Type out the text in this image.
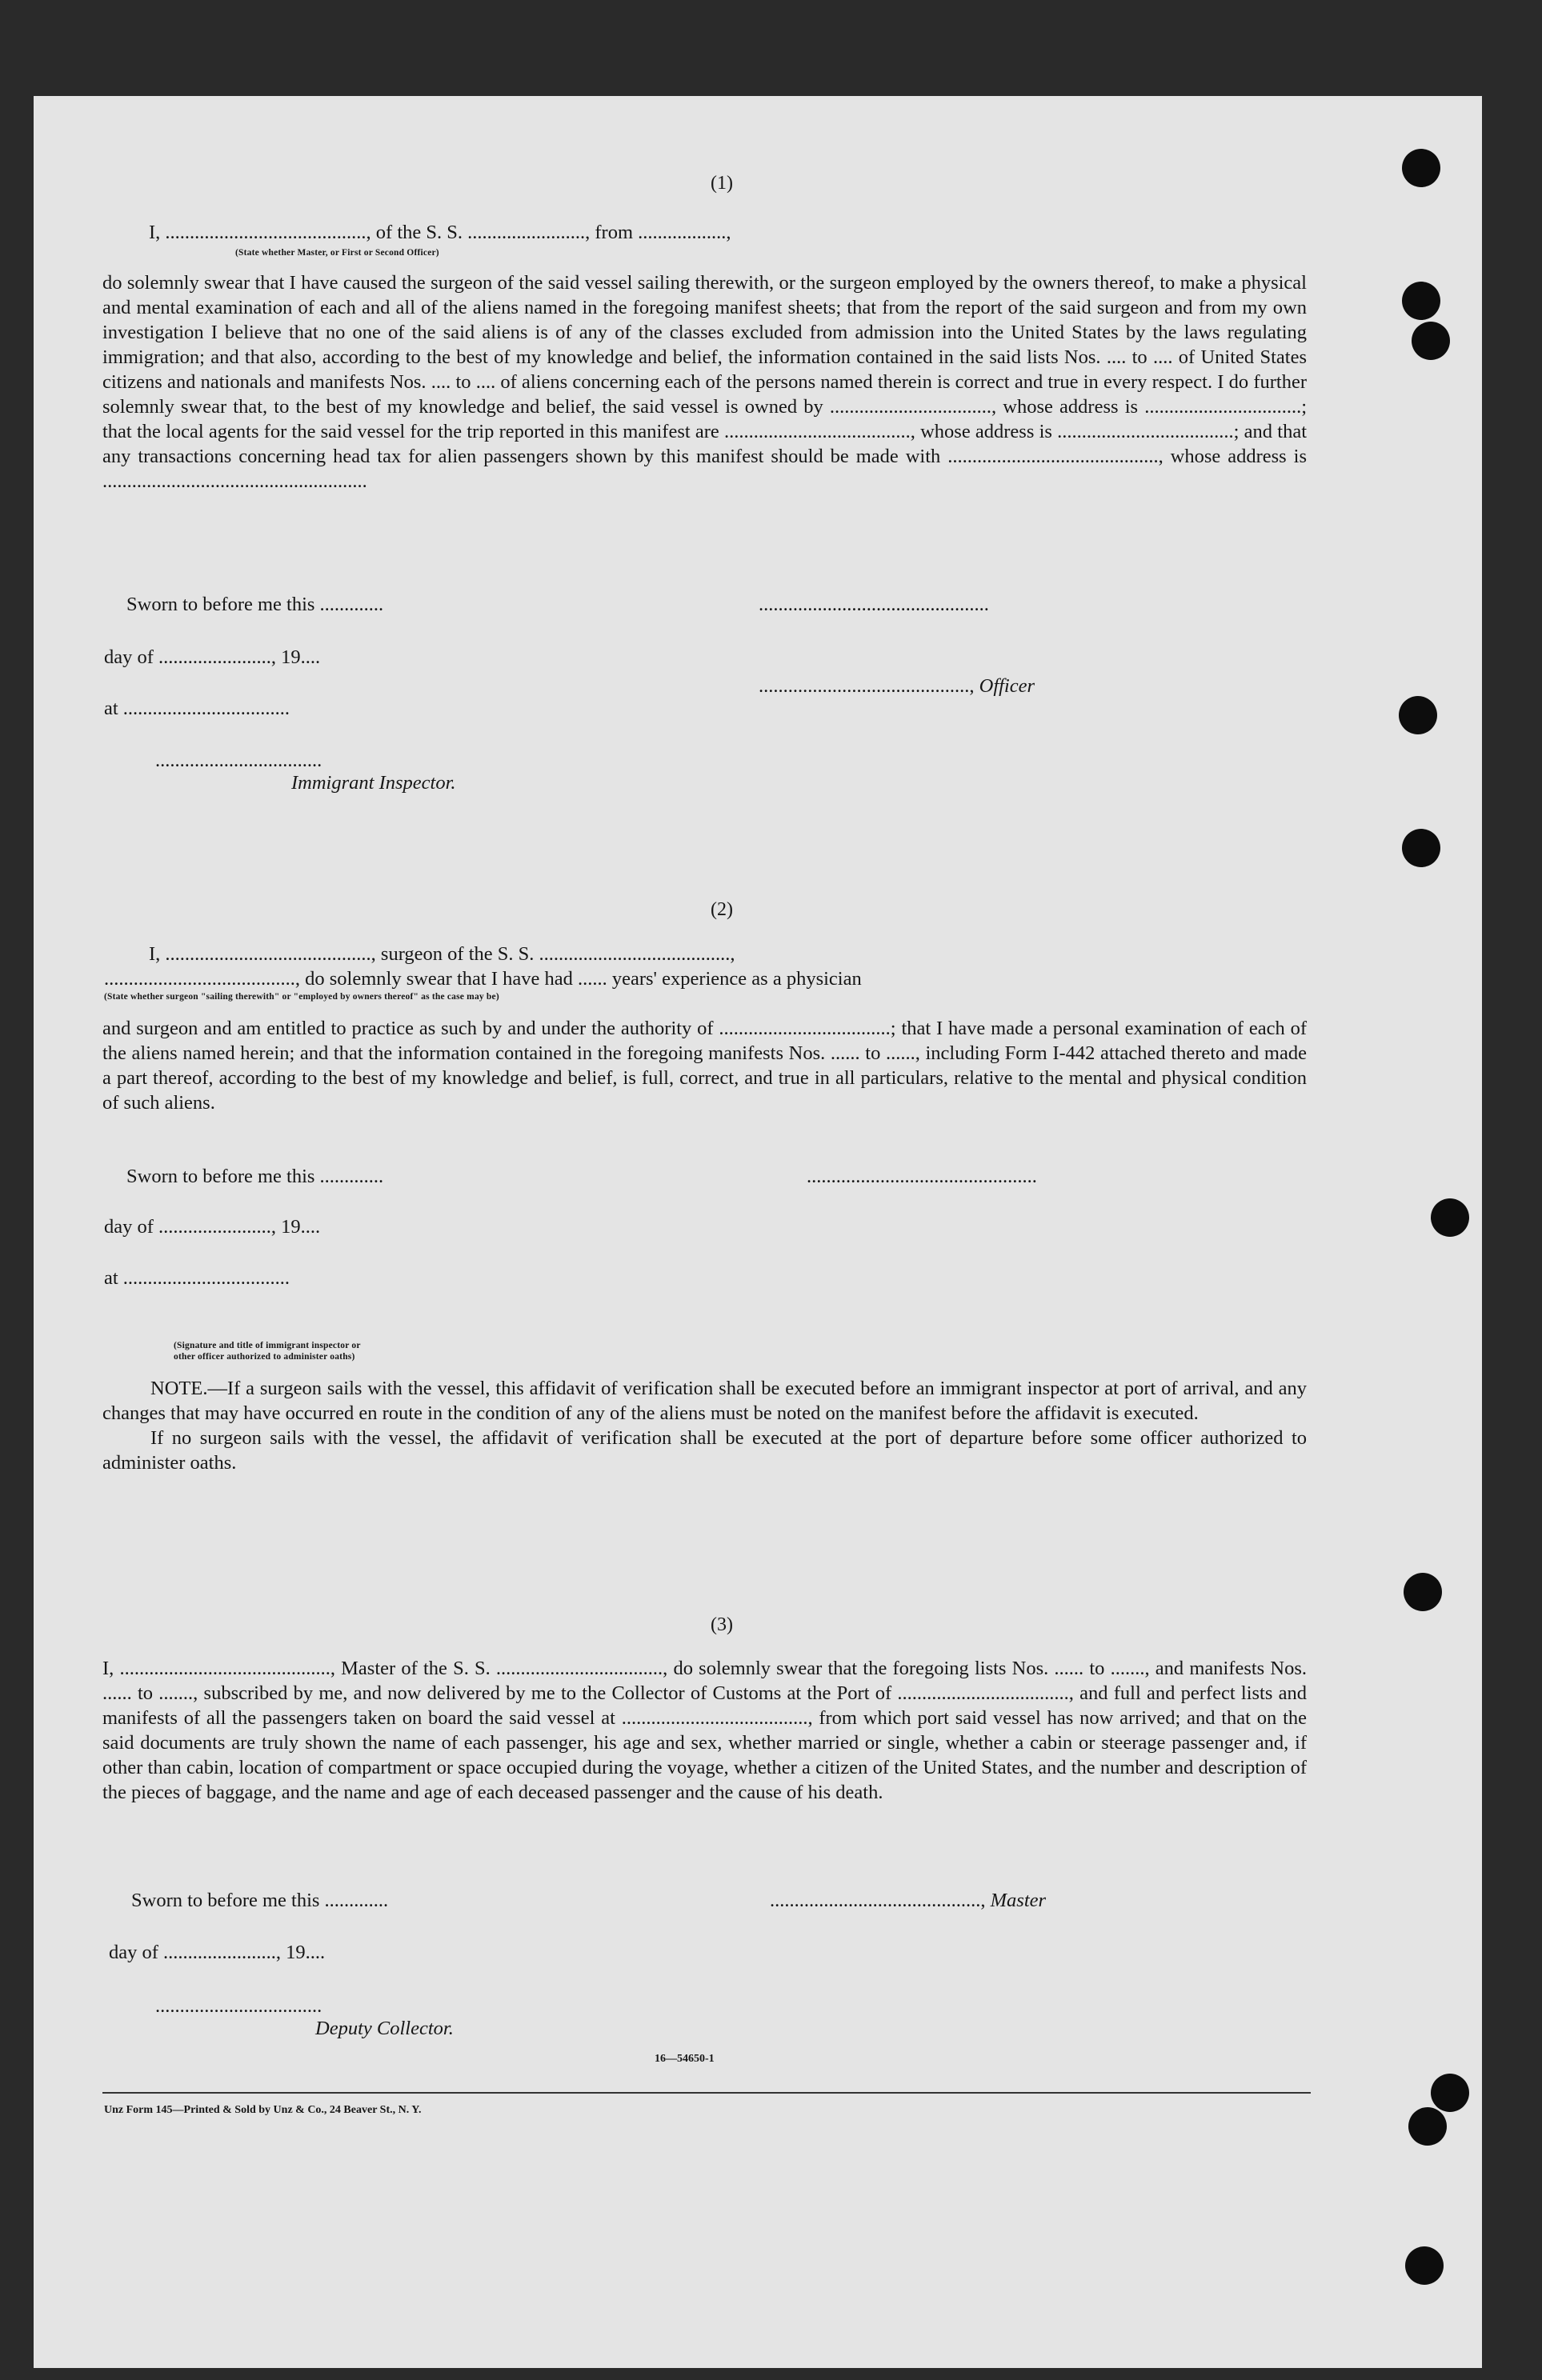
(1)
I, ........................................., of the S. S. ........................, from ..................,
(State whether Master, or First or Second Officer)
do solemnly swear that I have caused the surgeon of the said vessel sailing therewith, or the surgeon employed by the owners thereof, to make a physical and mental examination of each and all of the aliens named in the foregoing manifest sheets; that from the report of the said surgeon and from my own investigation I believe that no one of the said aliens is of any of the classes excluded from admission into the United States by the laws regulating immigration; and that also, according to the best of my knowledge and belief, the information contained in the said lists Nos. .... to .... of United States citizens and nationals and manifests Nos. .... to .... of aliens concerning each of the persons named therein is correct and true in every respect. I do further solemnly swear that, to the best of my knowledge and belief, the said vessel is owned by ................................., whose address is ................................; that the local agents for the said vessel for the trip reported in this manifest are ......................................, whose address is ....................................; and that any transactions concerning head tax for alien passengers shown by this manifest should be made with ..........................................., whose address is ......................................................
Sworn to before me this .............
day of ......................., 19....
at ..................................
..................................
Immigrant Inspector.
...............................................
..........................................., Officer
(2)
I, .........................................., surgeon of the S. S. .......................................,
......................................., do solemnly swear that I have had ...... years' experience as a physician
(State whether surgeon "sailing therewith" or "employed by owners thereof" as the case may be)
and surgeon and am entitled to practice as such by and under the authority of ...................................; that I have made a personal examination of each of the aliens named herein; and that the information contained in the foregoing manifests Nos. ...... to ......, including Form I-442 attached thereto and made a part thereof, according to the best of my knowledge and belief, is full, correct, and true in all particulars, relative to the mental and physical condition of such aliens.
Sworn to before me this .............
day of ......................., 19....
at ..................................
...............................................
(Signature and title of immigrant inspector or
other officer authorized to administer oaths)

NOTE.—If a surgeon sails with the vessel, this affidavit of verification shall be executed before an immigrant inspector at port of arrival, and any changes that may have occurred en route in the condition of any of the aliens must be noted on the manifest before the affidavit is executed.

If no surgeon sails with the vessel, the affidavit of verification shall be executed at the port of departure before some officer authorized to administer oaths.

(3)
I, ..........................................., Master of the S. S. .................................., do solemnly swear that the foregoing lists Nos. ...... to ......., and manifests Nos. ...... to ......., subscribed by me, and now delivered by me to the Collector of Customs at the Port of ..................................., and full and perfect lists and manifests of all the passengers taken on board the said vessel at ......................................, from which port said vessel has now arrived; and that on the said documents are truly shown the name of each passenger, his age and sex, whether married or single, whether a cabin or steerage passenger and, if other than cabin, location of compartment or space occupied during the voyage, whether a citizen of the United States, and the number and description of the pieces of baggage, and the name and age of each deceased passenger and the cause of his death.
Sworn to before me this .............
day of ......................., 19....
..................................
Deputy Collector.
..........................................., Master
16—54650-1
Unz Form 145—Printed & Sold by Unz & Co., 24 Beaver St., N. Y.
